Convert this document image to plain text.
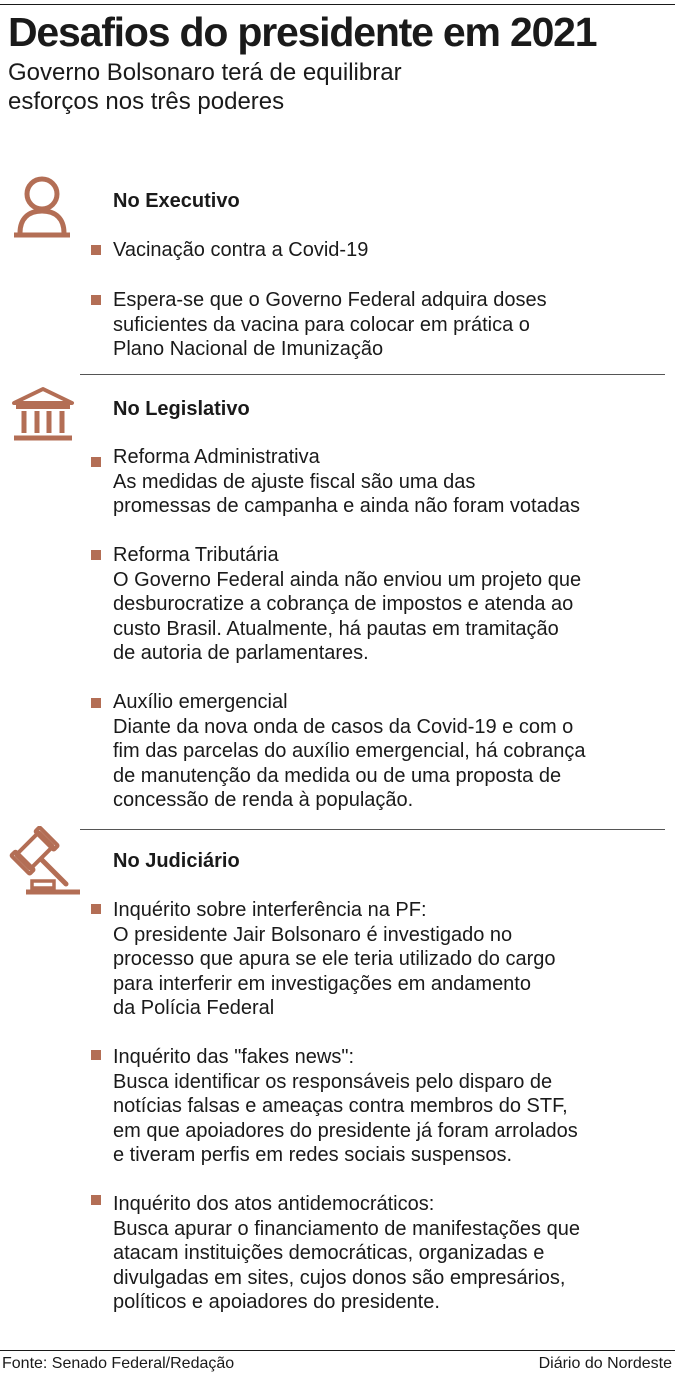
Desafios do presidente em 2021
Governo Bolsonaro terá de equilibrar
esforços nos três poderes
No Executivo
Vacinação contra a Covid-19
Espera-se que o Governo Federal adquira doses
suficientes da vacina para colocar em prática o
Plano Nacional de Imunização
No Legislativo
Reforma Administrativa
As medidas de ajuste fiscal são uma das
promessas de campanha e ainda não foram votadas
Reforma Tributária
O Governo Federal ainda não enviou um projeto que
desburocratize a cobrança de impostos e atenda ao
custo Brasil. Atualmente, há pautas em tramitação
de autoria de parlamentares.
Auxílio emergencial
Diante da nova onda de casos da Covid-19 e com o
fim das parcelas do auxílio emergencial, há cobrança
de manutenção da medida ou de uma proposta de
concessão de renda à população.
No Judiciário
Inquérito sobre interferência na PF:
O presidente Jair Bolsonaro é investigado no
processo que apura se ele teria utilizado do cargo
para interferir em investigações em andamento
da Polícia Federal
Inquérito das "fakes news":
Busca identificar os responsáveis pelo disparo de
notícias falsas e ameaças contra membros do STF,
em que apoiadores do presidente já foram arrolados
e tiveram perfis em redes sociais suspensos.
Inquérito dos atos antidemocráticos:
Busca apurar o financiamento de manifestações que
atacam instituições democráticas, organizadas e
divulgadas em sites, cujos donos são empresários,
políticos e apoiadores do presidente.
Fonte: Senado Federal/Redação	Diário do Nordeste
